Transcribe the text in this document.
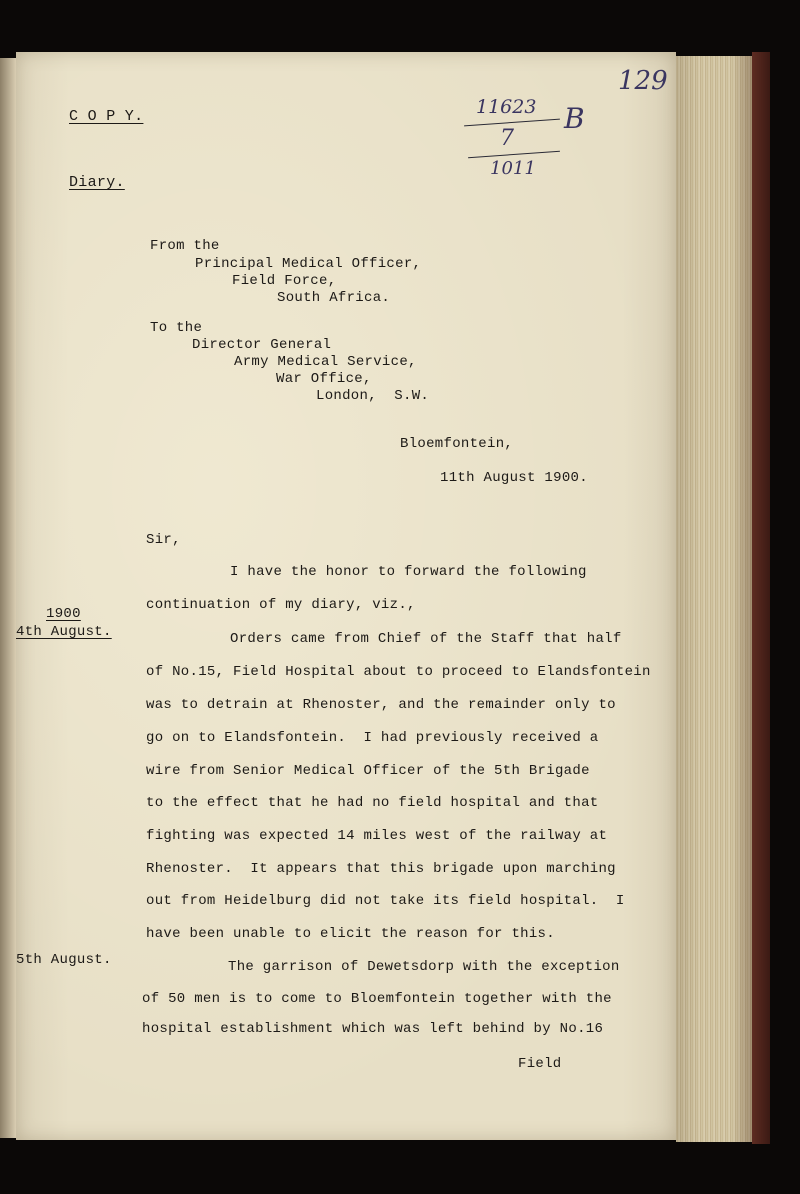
C O P Y.
Diary.
129
11623
7
1011
B
From the
Principal Medical Officer,
Field Force,
South Africa.
To the
Director General
Army Medical Service,
War Office,
London,  S.W.
Bloemfontein,
11th August 1900.
Sir,
I have the honor to forward the following
continuation of my diary, viz.,
Orders came from Chief of the Staff that half
of No.15, Field Hospital about to proceed to Elandsfontein
was to detrain at Rhenoster, and the remainder only to
go on to Elandsfontein.  I had previously received a
wire from Senior Medical Officer of the 5th Brigade
to the effect that he had no field hospital and that
fighting was expected 14 miles west of the railway at
Rhenoster.  It appears that this brigade upon marching
out from Heidelburg did not take its field hospital.  I
have been unable to elicit the reason for this.
The garrison of Dewetsdorp with the exception
of 50 men is to come to Bloemfontein together with the
hospital establishment which was left behind by No.16
Field
1900
4th August.
5th August.
